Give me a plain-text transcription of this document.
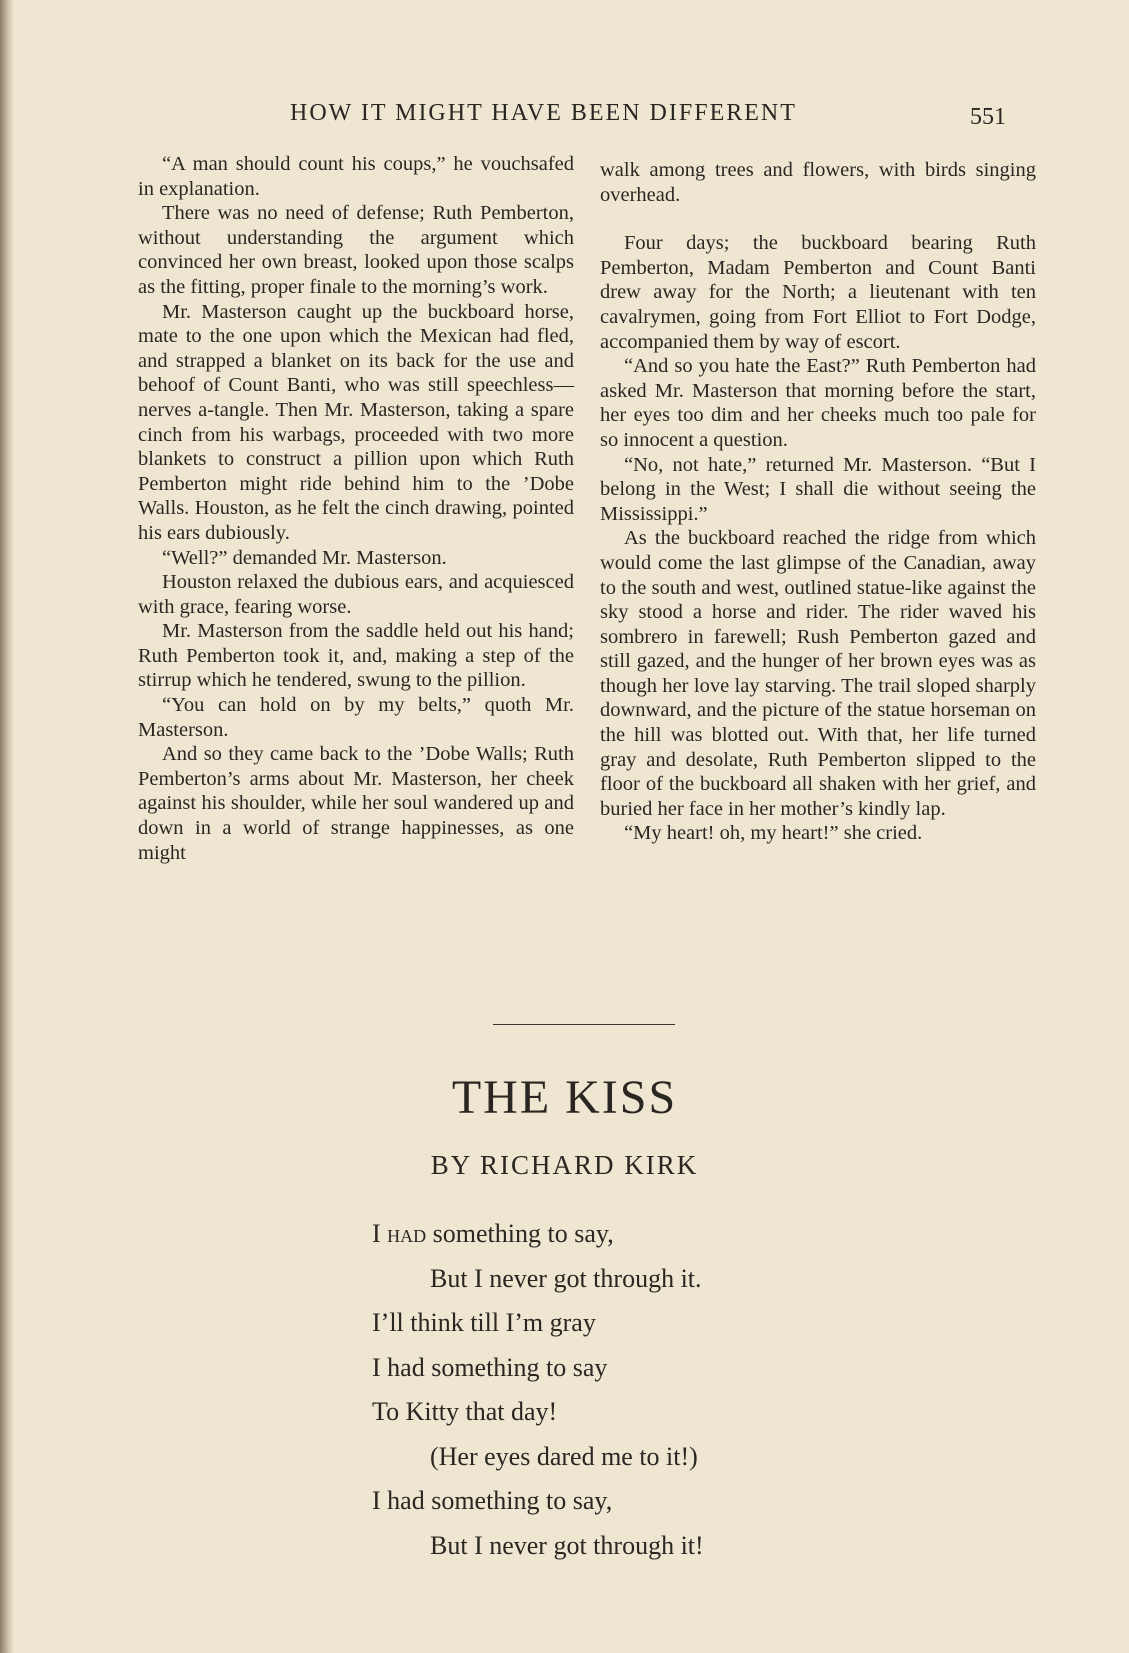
HOW IT MIGHT HAVE BEEN DIFFERENT	551

“A man should count his coups,” he vouchsafed in explanation.

There was no need of defense; Ruth Pemberton, without understanding the argument which convinced her own breast, looked upon those scalps as the fitting, proper finale to the morning’s work.

Mr. Masterson caught up the buckboard horse, mate to the one upon which the Mexican had fled, and strapped a blanket on its back for the use and behoof of Count Banti, who was still speechless—nerves a-tangle. Then Mr. Masterson, taking a spare cinch from his warbags, proceeded with two more blankets to construct a pillion upon which Ruth Pemberton might ride behind him to the ’Dobe Walls. Houston, as he felt the cinch drawing, pointed his ears dubiously.

“Well?” demanded Mr. Masterson.

Houston relaxed the dubious ears, and acquiesced with grace, fearing worse.

Mr. Masterson from the saddle held out his hand; Ruth Pemberton took it, and, making a step of the stirrup which he tendered, swung to the pillion.

“You can hold on by my belts,” quoth Mr. Masterson.

And so they came back to the ’Dobe Walls; Ruth Pemberton’s arms about Mr. Masterson, her cheek against his shoulder, while her soul wandered up and down in a world of strange happinesses, as one might

walk among trees and flowers, with birds singing overhead.

Four days; the buckboard bearing Ruth Pemberton, Madam Pemberton and Count Banti drew away for the North; a lieutenant with ten cavalrymen, going from Fort Elliot to Fort Dodge, accompanied them by way of escort.

“And so you hate the East?” Ruth Pemberton had asked Mr. Masterson that morning before the start, her eyes too dim and her cheeks much too pale for so innocent a question.

“No, not hate,” returned Mr. Masterson. “But I belong in the West; I shall die without seeing the Mississippi.”

As the buckboard reached the ridge from which would come the last glimpse of the Canadian, away to the south and west, outlined statue-like against the sky stood a horse and rider. The rider waved his sombrero in farewell; Rush Pemberton gazed and still gazed, and the hunger of her brown eyes was as though her love lay starving. The trail sloped sharply downward, and the picture of the statue horseman on the hill was blotted out. With that, her life turned gray and desolate, Ruth Pemberton slipped to the floor of the buckboard all shaken with her grief, and buried her face in her mother’s kindly lap.

“My heart! oh, my heart!” she cried.

THE KISS
BY RICHARD KIRK
I had something to say,
But I never got through it.
I’ll think till I’m gray
I had something to say
To Kitty that day!
(Her eyes dared me to it!)
I had something to say,
But I never got through it!
